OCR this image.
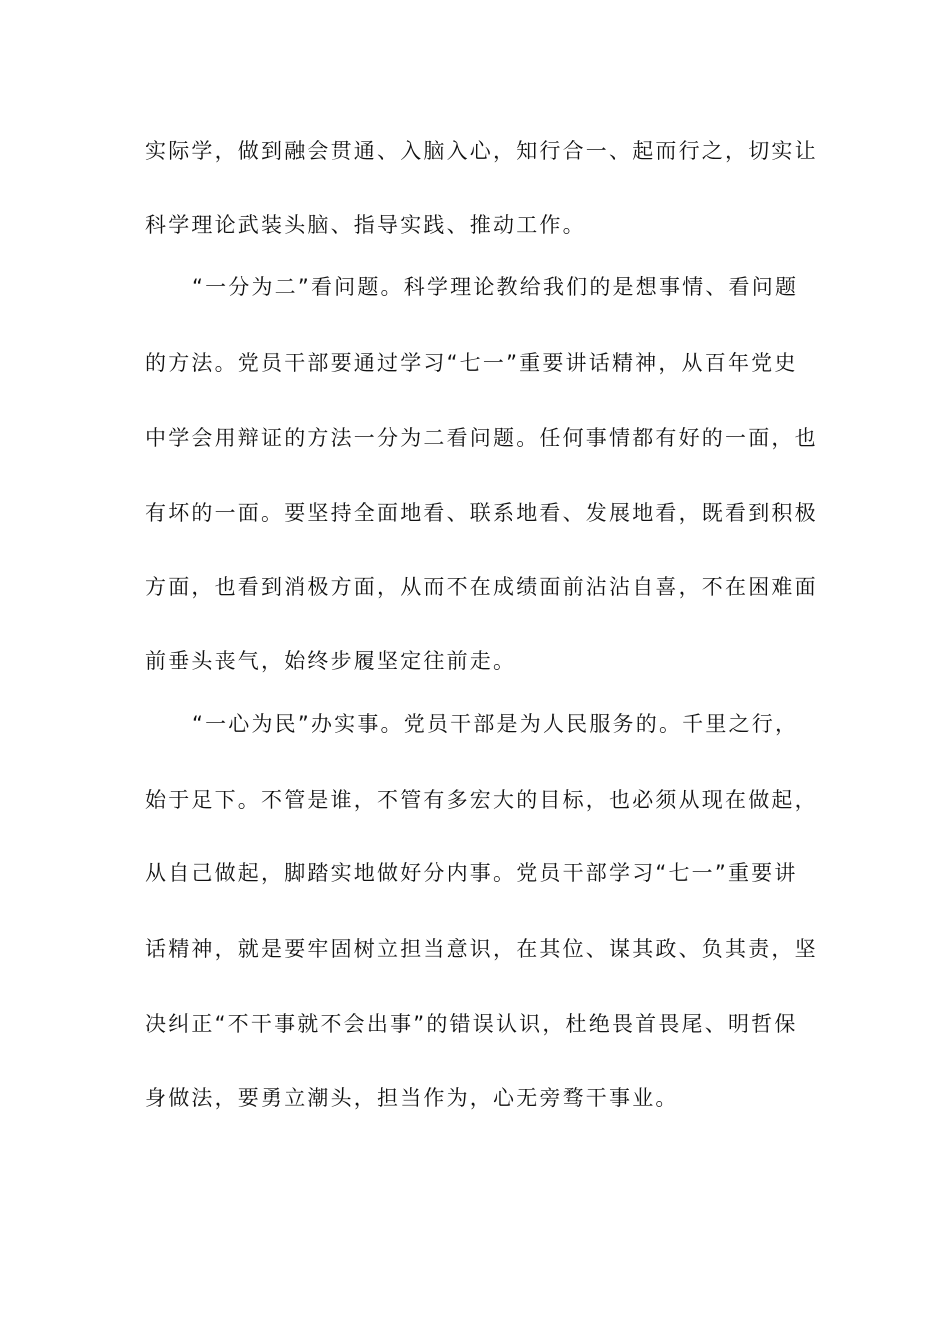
实际学，做到融会贯通、入脑入心，知行合一、起而行之，切实让
科学理论武装头脑、指导实践、推动工作。
“一分为二”看问题。科学理论教给我们的是想事情、看问题
的方法。党员干部要通过学习“七一”重要讲话精神，从百年党史
中学会用辩证的方法一分为二看问题。任何事情都有好的一面，也
有坏的一面。要坚持全面地看、联系地看、发展地看，既看到积极
方面，也看到消极方面，从而不在成绩面前沾沾自喜，不在困难面
前垂头丧气，始终步履坚定往前走。
“一心为民”办实事。党员干部是为人民服务的。千里之行，
始于足下。不管是谁，不管有多宏大的目标，也必须从现在做起，
从自己做起，脚踏实地做好分内事。党员干部学习“七一”重要讲
话精神，就是要牢固树立担当意识，在其位、谋其政、负其责，坚
决纠正“不干事就不会出事”的错误认识，杜绝畏首畏尾、明哲保
身做法，要勇立潮头，担当作为，心无旁骛干事业。
